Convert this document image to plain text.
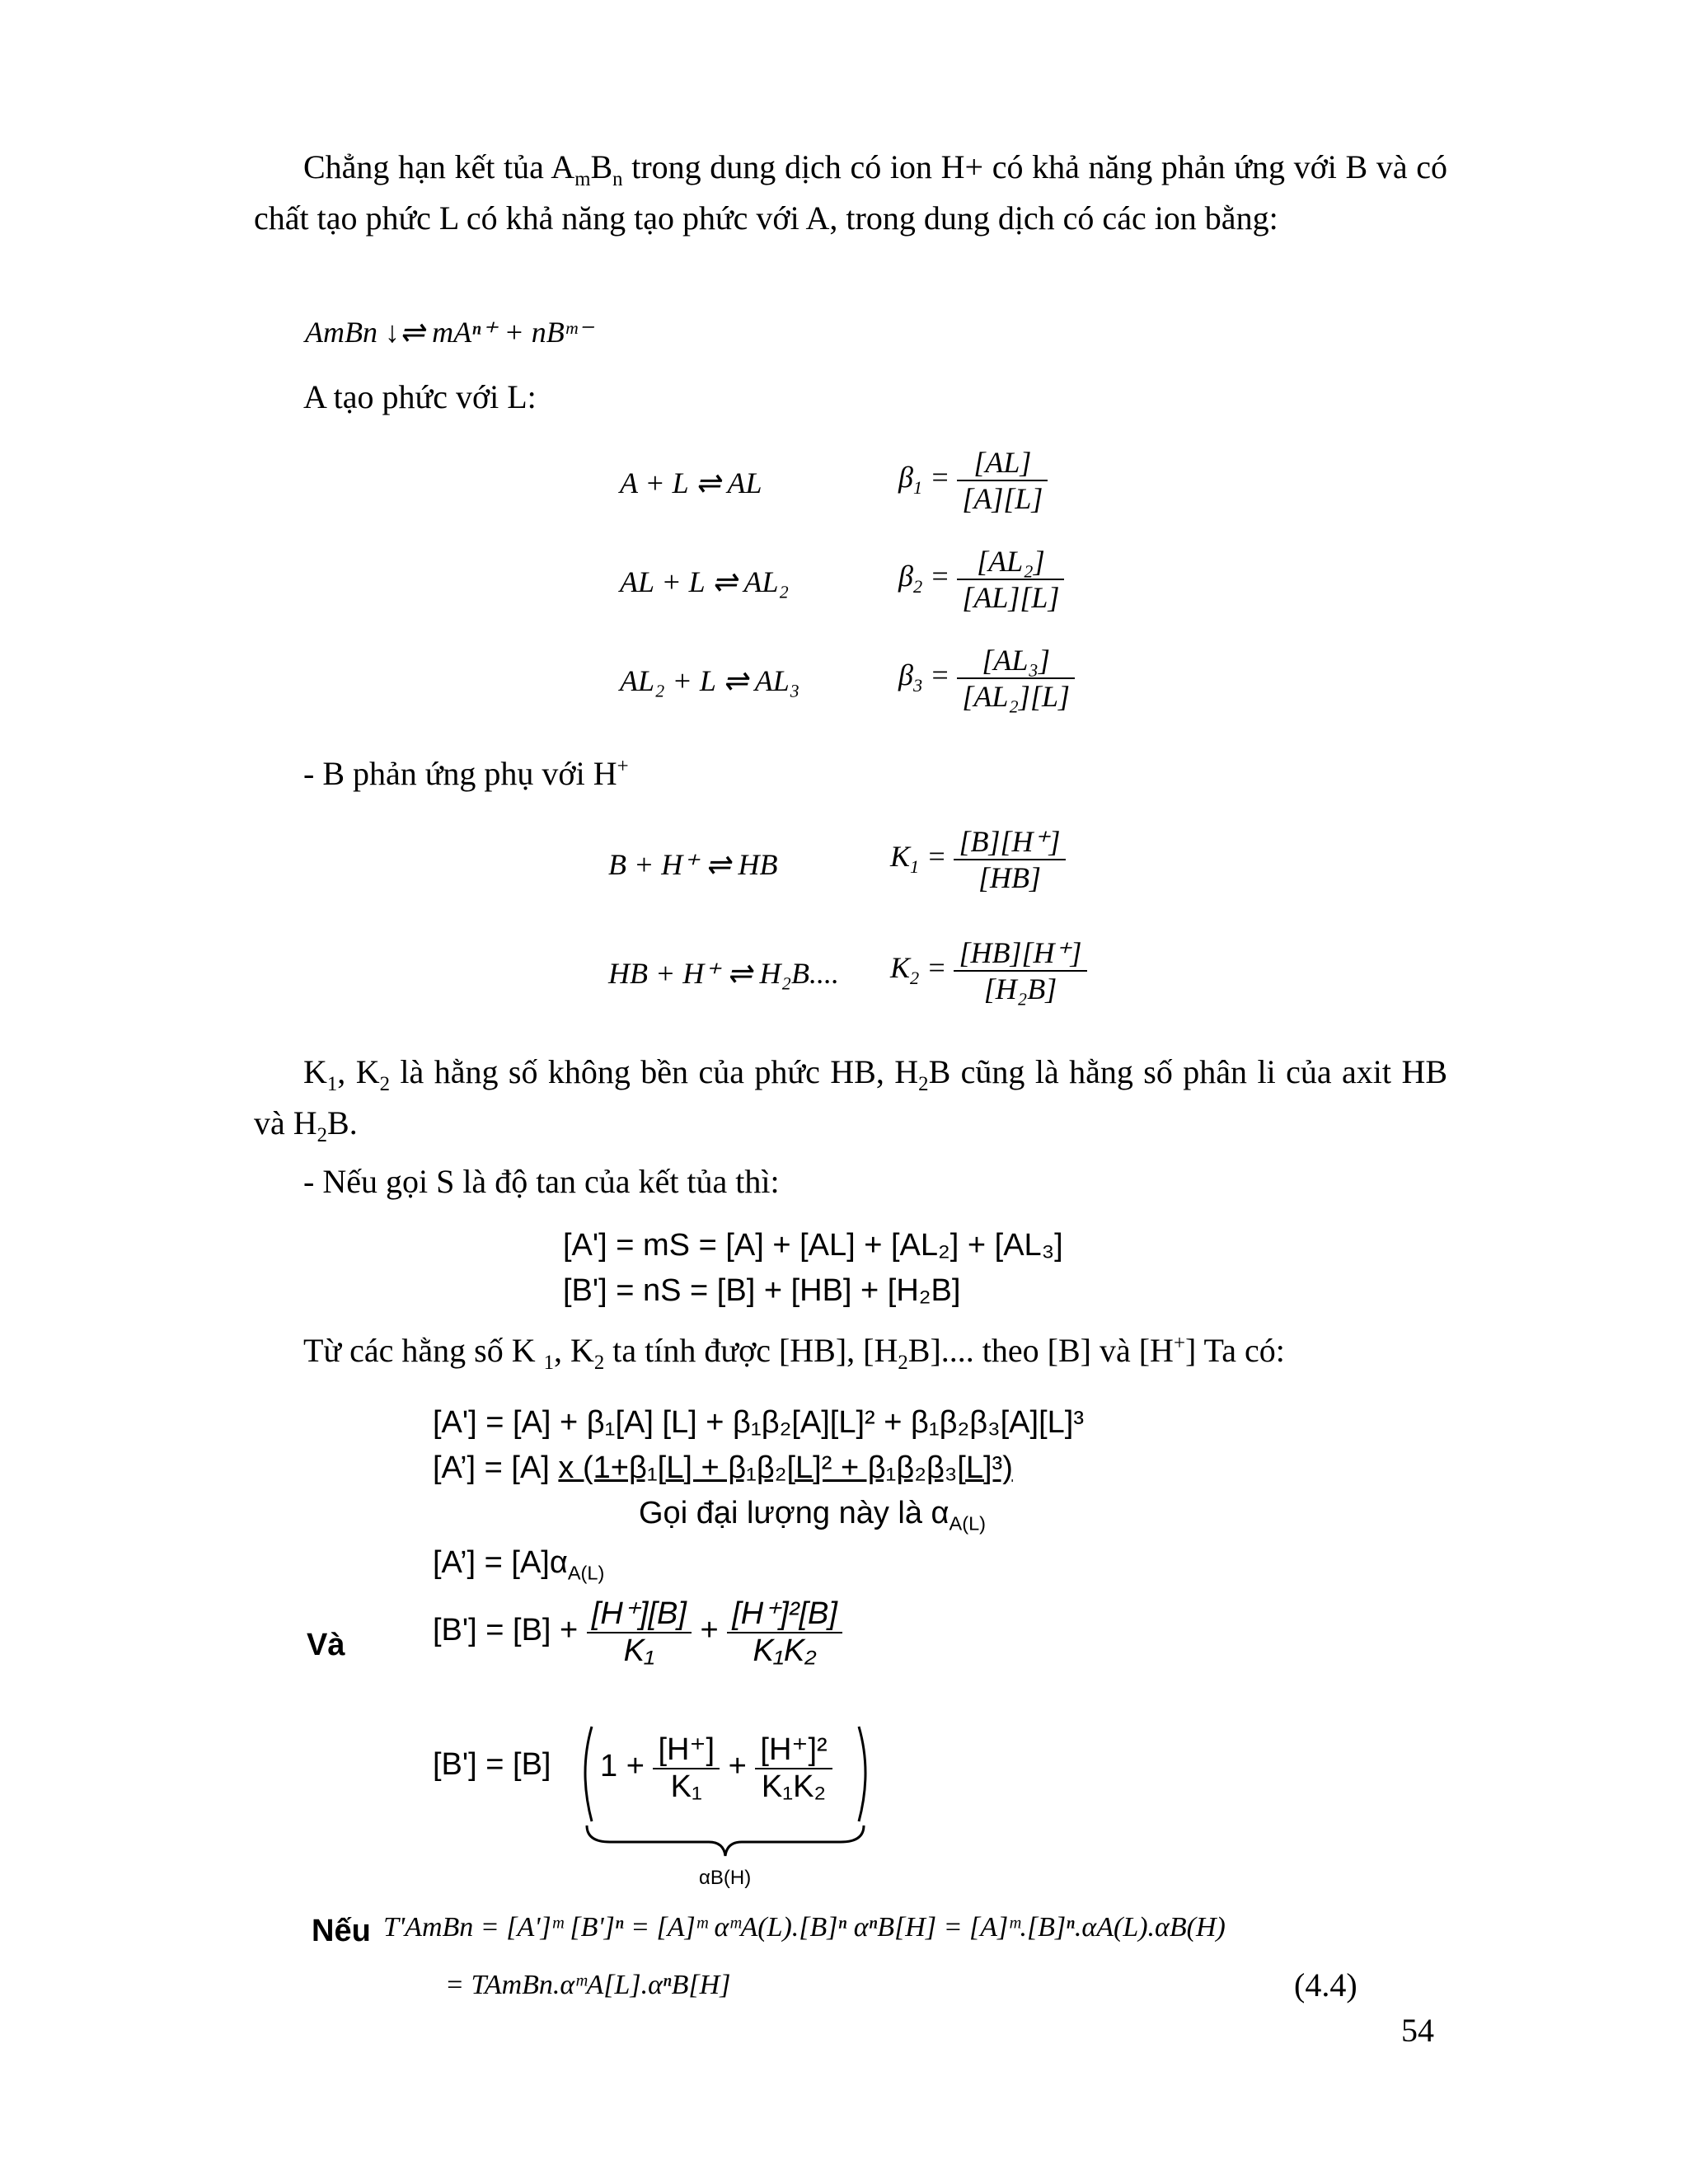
Chẳng hạn kết tủa $A_mB_n$ trong dung dịch có ion H+ có khả năng phản ứng với B và có chất tạo phức L có khả năng tạo phức với A, trong dung dịch có các ion bằng:
AmBn ↓⇌ mAⁿ⁺ + nBᵐ⁻
A tạo phức với L:
A + L ⇌ AL	$\beta_1 = \frac{[AL]}{[A][L]}$
AL + L ⇌ AL₂	$\beta_2 = \frac{\text{[AL₂]}}{[AL][L]}$
AL₂ + L ⇌ AL₃	$\beta_3 = \frac{\text{[AL₃]}}{\text{[AL₂][L]}}$
- B phản ứng phụ với H+
B + H⁺ ⇌ HB	$K_1 = \frac{[B][H^+]}{[HB]}$
HB + H⁺ ⇌ H₂B.... $K_2 = \frac{[HB][H^+]}{\text{[H₂B]}}$
$K_1$, $K_2$ là hằng số không bền của phức HB, $H_2B$ cũng là hằng số phân li của axit HB và $H_2B$.
- Nếu gọi S là độ tan của kết tủa thì:
[A'] = mS = [A] + [AL] + [AL₂] + [AL₃]
[B'] = nS = [B] + [HB] + [H₂B]
Từ các hằng số K $_1$, $K_2$ ta tính được [HB], $[H_2B]$.... theo [B] và [H+] Ta có:
[A'] = [A] + β₁[A] [L] + β₁β₂[A][L]² + β₁β₂β₃[A][L]³
[A’] = [A] x (1+β₁[L] + β₁β₂[L]² + β₁β₂β₃[L]³)
Gọi đại lượng này là $\alpha_{A(L)}$
[A’] = $[A]\alpha_{A(L)}$
Và	$[B'] = [B] + \frac{[H^+][B]}{\text{K₁}} + \frac{\text{[H⁺]²[B]}}{\text{K₁K₂}}$
[B'] = [B] $1 + \frac{[H^+]}{\text{K₁}} + \frac{\text{[H⁺]²}}{\text{K₁K₂}}$
αB(H)
Nếu T'AmBn = [A']ᵐ [B']ⁿ = [A]ᵐ αᵐA(L).[B]ⁿ αⁿB[H] = [A]ᵐ.[B]ⁿ.αA(L).αB(H)
= TAmBn.αᵐA[L].αⁿB[H]	(4.4)
54
